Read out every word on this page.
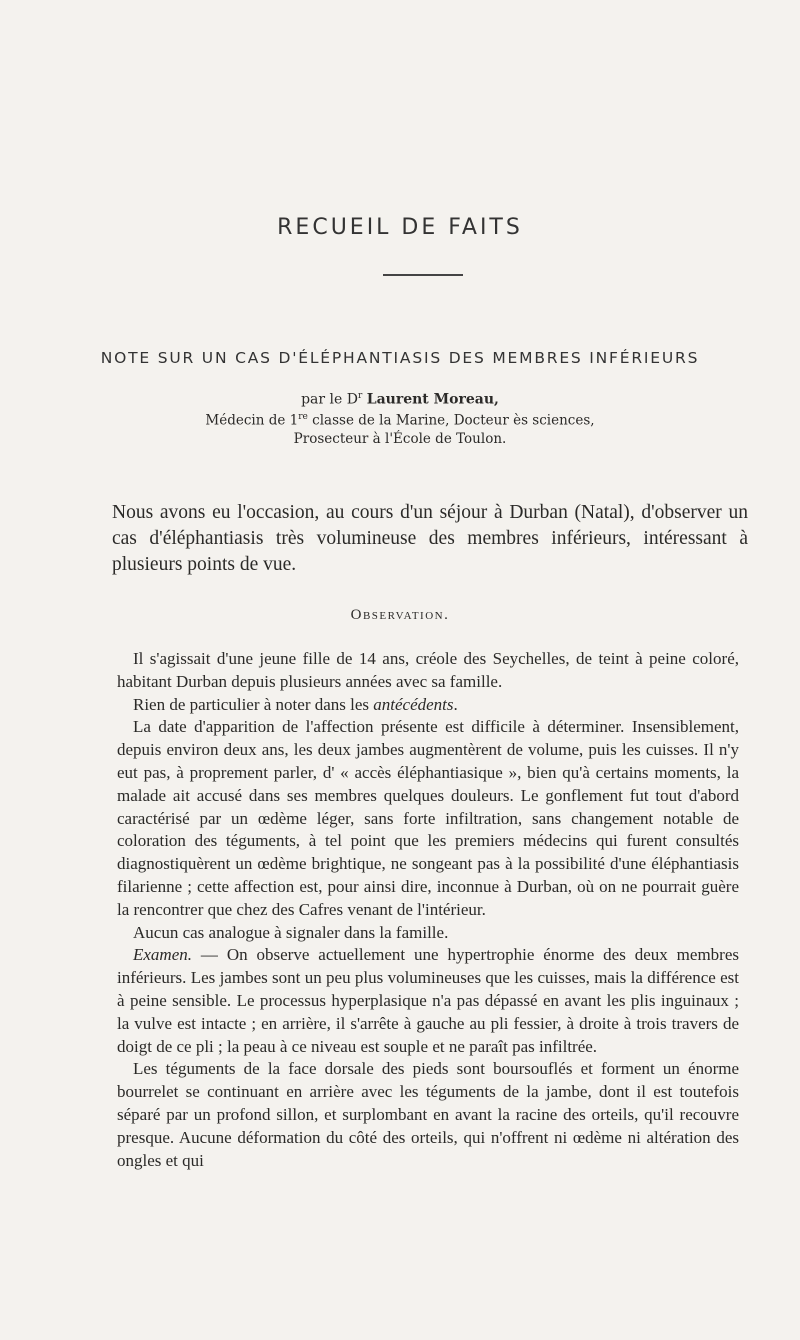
RECUEIL DE FAITS
NOTE SUR UN CAS D'ÉLÉPHANTIASIS DES MEMBRES INFÉRIEURS
par le $D^r$ Laurent Moreau,
Médecin de 1re classe de la Marine, Docteur ès sciences,
Prosecteur à l'École de Toulon.
Nous avons eu l'occasion, au cours d'un séjour à Durban (Natal), d'observer un cas d'éléphantiasis très volumineuse des membres inférieurs, intéressant à plusieurs points de vue.
Observation.

Il s'agissait d'une jeune fille de 14 ans, créole des Seychelles, de teint à peine coloré, habitant Durban depuis plusieurs années avec sa famille.

Rien de particulier à noter dans les antécédents.

La date d'apparition de l'affection présente est difficile à déterminer. Insensiblement, depuis environ deux ans, les deux jambes augmentèrent de volume, puis les cuisses. Il n'y eut pas, à proprement parler, d' « accès éléphantiasique », bien qu'à certains moments, la malade ait accusé dans ses membres quelques douleurs. Le gonflement fut tout d'abord caractérisé par un œdème léger, sans forte infiltration, sans changement notable de coloration des téguments, à tel point que les premiers médecins qui furent consultés diagnostiquèrent un œdème brightique, ne songeant pas à la possibilité d'une éléphantiasis filarienne ; cette affection est, pour ainsi dire, inconnue à Durban, où on ne pourrait guère la rencontrer que chez des Cafres venant de l'intérieur.

Aucun cas analogue à signaler dans la famille.

Examen. — On observe actuellement une hypertrophie énorme des deux membres inférieurs. Les jambes sont un peu plus volumineuses que les cuisses, mais la différence est à peine sensible. Le processus hyperplasique n'a pas dépassé en avant les plis inguinaux ; la vulve est intacte ; en arrière, il s'arrête à gauche au pli fessier, à droite à trois travers de doigt de ce pli ; la peau à ce niveau est souple et ne paraît pas infiltrée.

Les téguments de la face dorsale des pieds sont boursouflés et forment un énorme bourrelet se continuant en arrière avec les téguments de la jambe, dont il est toutefois séparé par un profond sillon, et surplombant en avant la racine des orteils, qu'il recouvre presque. Aucune déformation du côté des orteils, qui n'offrent ni œdème ni altération des ongles et qui
